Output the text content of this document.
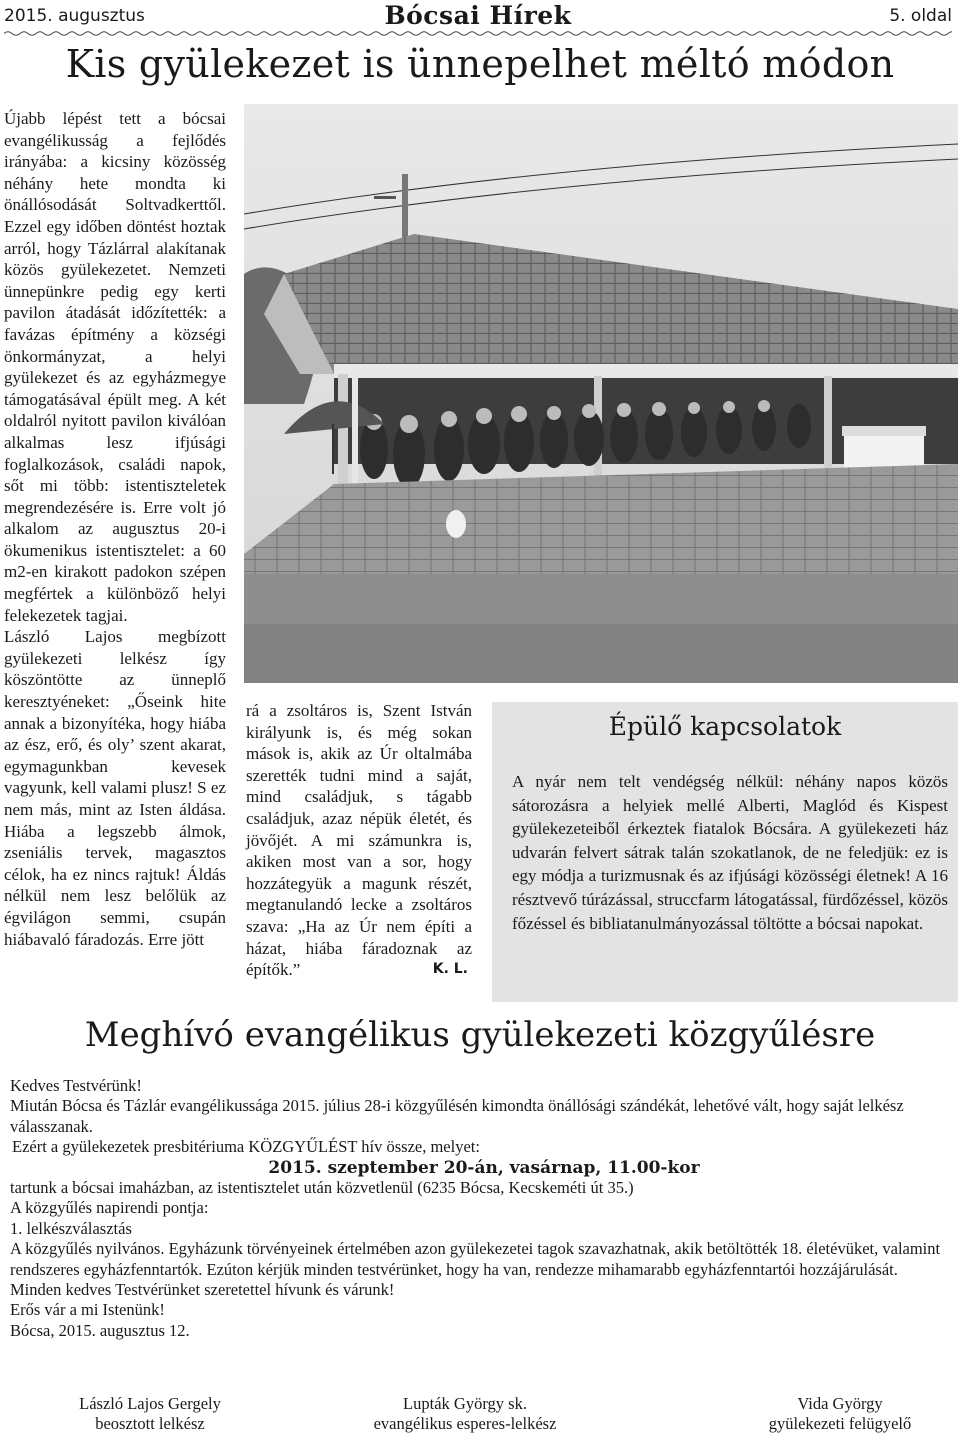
2015. augusztus	Bócsai Hírek	5. oldal
Kis gyülekezet is ünnepelhet méltó módon

Újabb lépést tett a bócsai evangélikusság a fejlődés irányába: a kicsiny közösség néhány hete mondta ki önállósodását Soltvadkerttől. Ezzel egy időben döntést hoztak arról, hogy Tázlárral alakítanak közös gyülekezetet. Nemzeti ünnepünkre pedig egy kerti pavilon átadását időzítették: a favázas építmény a községi önkormányzat, a helyi gyülekezet és az egyházmegye támogatásával épült meg. A két oldalról nyitott pavilon kiválóan alkalmas lesz ifjúsági foglalkozások, családi napok, sőt mi több: istentiszteletek megrendezésére is. Erre volt jó alkalom az augusztus 20-i ökumenikus istentisztelet: a 60 m2-en kirakott padokon szépen megfértek a különböző helyi felekezetek tagjai.

László Lajos megbízott gyülekezeti lelkész így köszöntötte az ünneplő keresztyéneket: „Őseink hite annak a bizonyítéka, hogy hiába az ész, erő, és oly’ szent akarat, egymagunkban kevesek vagyunk, kell valami plusz! S ez nem más, mint az Isten áldása. Hiába a legszebb álmok, zseniális tervek, magasztos célok, ha ez nincs rajtuk! Áldás nélkül nem lesz belőlük az égvilágon semmi, csupán hiábavaló fáradozás. Erre jött

rá a zsoltáros is, Szent István királyunk is, és még sokan mások is, akik az Úr oltalmába szerették tudni mind a saját, mind családjuk, s tágabb családjuk, azaz népük életét, és jövőjét. A mi számunkra is, akiken most van a sor, hogy hozzátegyük a magunk részét, megtanulandó lecke a zsoltáros szava: „Ha az Úr nem építi a házat, hiába fáradoznak az építők.”	K. L.

Épülő kapcsolatok
A nyár nem telt vendégség nélkül: néhány napos közös sátorozásra a helyiek mellé Alberti, Maglód és Kispest gyülekezeteiből érkeztek fiatalok Bócsára. A gyülekezeti ház udvarán felvert sátrak talán szokatlanok, de ne feledjük: ez is egy módja a turizmusnak és az ifjúsági közösségi életnek! A 16 résztvevő túrázással, struccfarm látogatással, fürdőzéssel, közös főzéssel és bibliatanulmányozással töltötte a bócsai napokat.
Meghívó evangélikus gyülekezeti közgyűlésre

Kedves Testvérünk!

Miután Bócsa és Tázlár evangélikussága 2015. július 28-i közgyűlésén kimondta önállósági szándékát, lehetővé vált, hogy saját lelkész válasszanak.

Ezért a gyülekezetek presbitériuma KÖZGYŰLÉST hív össze, melyet:

2015. szeptember 20-án, vasárnap, 11.00-kor

tartunk a bócsai imaházban, az istentisztelet után közvetlenül (6235 Bócsa, Kecskeméti út 35.)

A közgyűlés napirendi pontja:

1. lelkészválasztás

A közgyűlés nyilvános. Egyházunk törvényeinek értelmében azon gyülekezetei tagok szavazhatnak, akik betöltötték 18. életévüket, valamint rendszeres egyházfenntartók. Ezúton kérjük minden testvérünket, hogy ha van, rendezze mihamarabb egyházfenntartói hozzájárulását.

Minden kedves Testvérünket szeretettel hívunk és várunk!

Erős vár a mi Istenünk!

Bócsa, 2015. augusztus 12.

László Lajos Gergely
beosztott lelkész
Lupták György sk.
evangélikus esperes-lelkész
Vida György
gyülekezeti felügyelő
